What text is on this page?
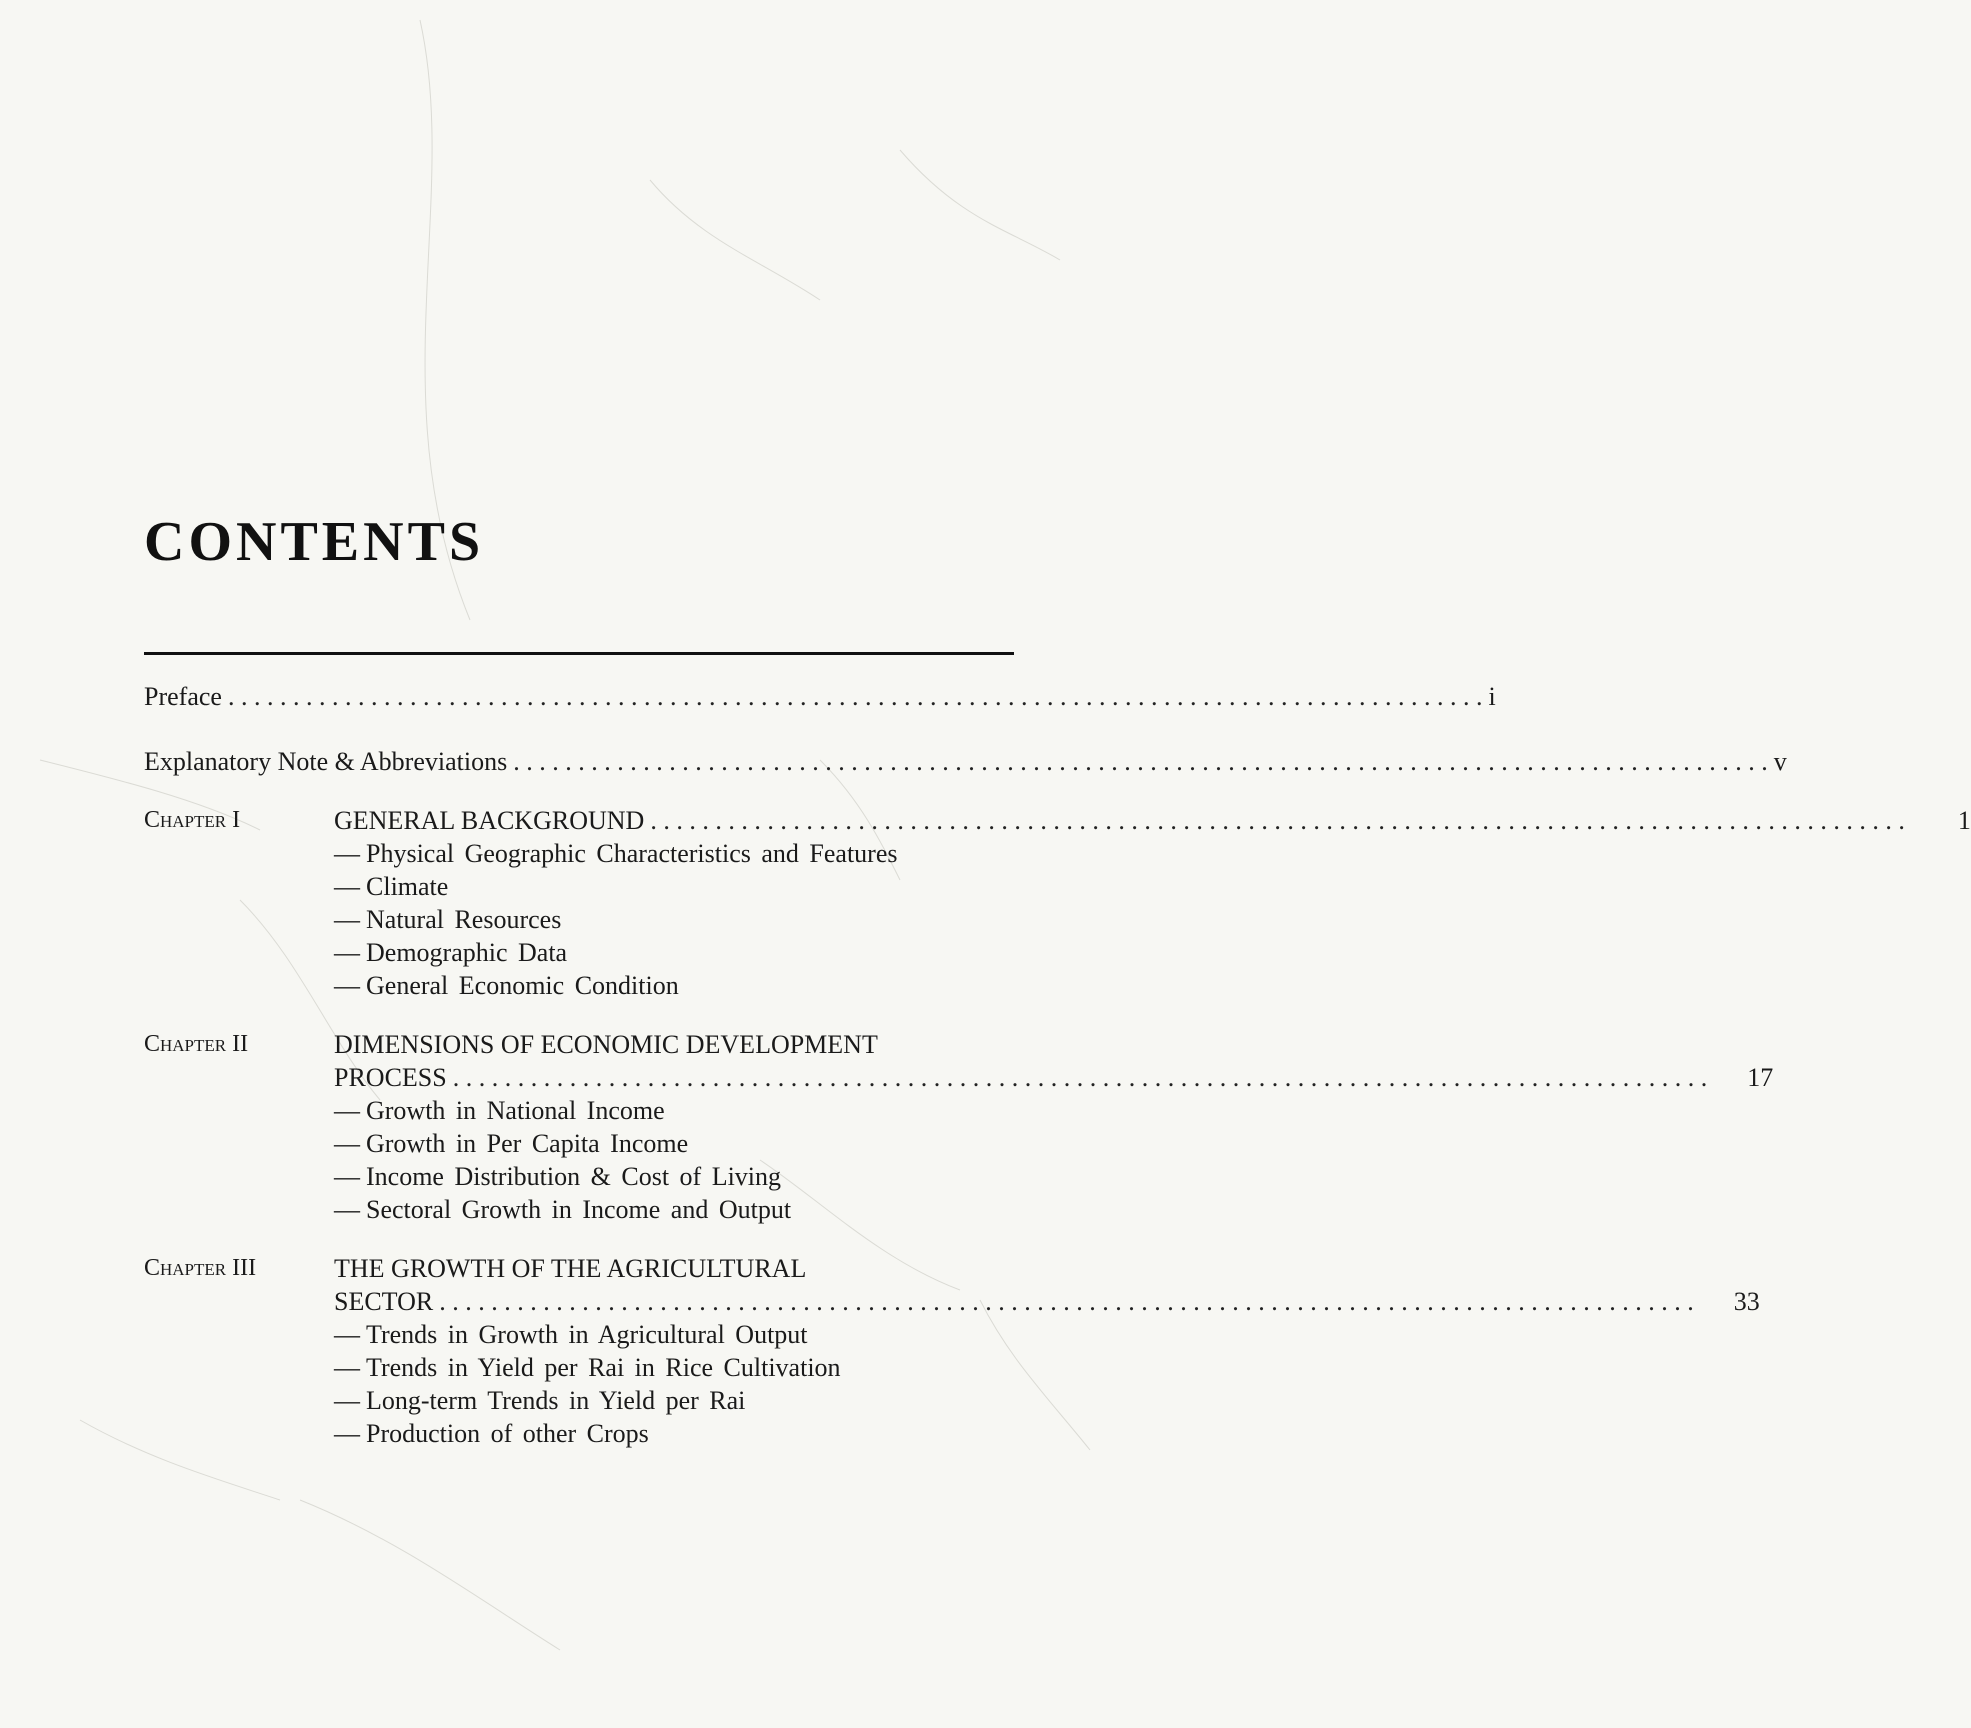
CONTENTS
Preface . . .	i
Explanatory Note & Abbreviations . . .	v
Chapter I	GENERAL BACKGROUND . . .	1
— Physical Geographic Characteristics and Features
— Climate
— Natural Resources
— Demographic Data
— General Economic Condition
Chapter II	DIMENSIONS OF ECONOMIC DEVELOPMENT
PROCESS . . .	17
— Growth in National Income
— Growth in Per Capita Income
— Income Distribution & Cost of Living
— Sectoral Growth in Income and Output
Chapter III	THE GROWTH OF THE AGRICULTURAL
SECTOR . . .	33
— Trends in Growth in Agricultural Output
— Trends in Yield per Rai in Rice Cultivation
— Long-term Trends in Yield per Rai
— Production of other Crops
